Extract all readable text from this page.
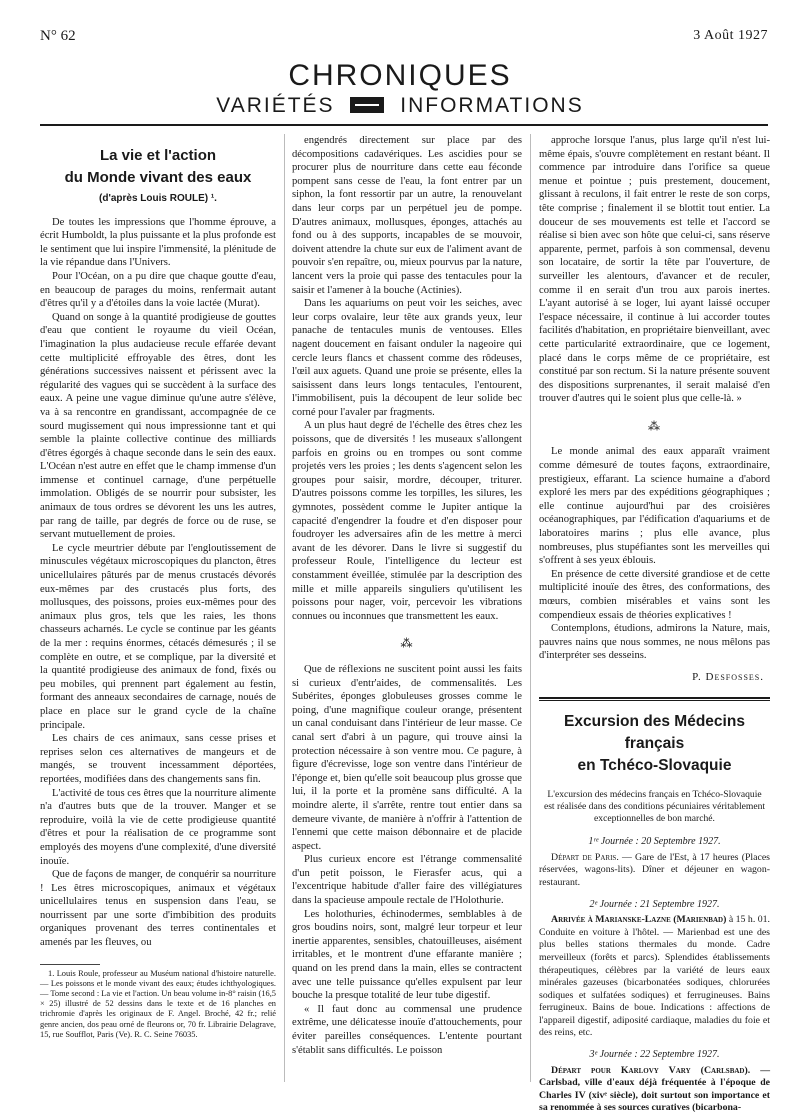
N° 62	3 Août 1927
CHRONIQUES
VARIÉTÉS	INFORMATIONS
La vie et l'action
du Monde vivant des eaux
(d'après Louis ROULE) ¹.

De toutes les impressions que l'homme éprouve, a écrit Humboldt, la plus puissante et la plus profonde est le sentiment que lui inspire l'immensité, la plénitude de la vie répandue dans l'Univers.

Pour l'Océan, on a pu dire que chaque goutte d'eau, en beaucoup de parages du moins, renfermait autant d'êtres qu'il y a d'étoiles dans la voie lactée (Murat).

Quand on songe à la quantité prodigieuse de gouttes d'eau que contient le royaume du vieil Océan, l'imagination la plus audacieuse recule effarée devant cette multiplicité effroyable des êtres, dont les générations successives naissent et périssent avec la régularité des vagues qui se succèdent à la surface des eaux. A peine une vague diminue qu'une autre s'élève, va à sa rencontre en grandissant, accompagnée de ce sourd mugissement qui nous impressionne tant et qui semble la plainte collective continue des milliards d'êtres égorgés à chaque seconde dans le sein des eaux. L'Océan n'est autre en effet que le champ immense d'un immense et continuel carnage, d'une perpétuelle immolation. Obligés de se nourrir pour subsister, les animaux de tous ordres se dévorent les uns les autres, par rang de taille, par degrés de force ou de ruse, se servant mutuellement de proies.

Le cycle meurtrier débute par l'engloutissement de minuscules végétaux microscopiques du plancton, êtres unicellulaires pâturés par de menus crustacés dévorés eux-mêmes par des crustacés plus forts, des mollusques, des poissons, proies eux-mêmes pour des animaux plus gros, tels que les raies, les thons chasseurs acharnés. Le cycle se continue par les géants de la mer : requins énormes, cétacés démesurés ; il se complète en outre, et se complique, par la diversité et la quantité prodigieuse des animaux de fond, fixés ou peu mobiles, qui prennent part également au festin, formant des anneaux secondaires de carnage, noués de place en place sur le grand cycle de la chaîne principale.

Les chairs de ces animaux, sans cesse prises et reprises selon ces alternatives de mangeurs et de mangés, se trouvent incessamment déportées, reportées, modifiées dans des changements sans fin.

L'activité de tous ces êtres que la nourriture alimente n'a d'autres buts que de la trouver. Manger et se reproduire, voilà la vie de cette prodigieuse quantité d'êtres et pour la réalisation de ce programme sont employés des moyens d'une complexité, d'une diversité inouïe.

Que de façons de manger, de conquérir sa nourriture ! Les êtres microscopiques, animaux et végétaux unicellulaires tenus en suspension dans l'eau, se nourrissent par une sorte d'imbibition des produits organiques provenant des terres continentales et amenés par les fleuves, ou

1. Louis Roule, professeur au Muséum national d'histoire naturelle. — Les poissons et le monde vivant des eaux; études ichthyologiques. — Tome second : La vie et l'action. Un beau volume in-8° raisin (16,5 × 25) illustré de 52 dessins dans le texte et de 16 planches en trichromie d'après les originaux de F. Angel. Broché, 42 fr.; relié genre ancien, dos peau orné de fleurons or, 70 fr. Librairie Delagrave, 15, rue Soufflot, Paris (Ve). R. C. Seine 76035.

engendrés directement sur place par des décompositions cadavériques. Les ascidies pour se procurer plus de nourriture dans cette eau féconde pompent sans cesse de l'eau, la font entrer par un siphon, la font ressortir par un autre, la renouvelant dans leur corps par un perpétuel jeu de pompe. D'autres animaux, mollusques, éponges, attachés au fond ou à des supports, incapables de se mouvoir, doivent attendre la chute sur eux de l'aliment avant de pouvoir s'en repaître, ou, mieux pourvus par la nature, lancent vers la proie qui passe des tentacules pour la saisir et l'amener à la bouche (Actinies).

Dans les aquariums on peut voir les seiches, avec leur corps ovalaire, leur tête aux grands yeux, leur panache de tentacules munis de ventouses. Elles nagent doucement en faisant onduler la nageoire qui cercle leurs flancs et chassent comme des rôdeuses, l'œil aux aguets. Quand une proie se présente, elles la saisissent dans leurs longs tentacules, l'entourent, l'immobilisent, puis la découpent de leur solide bec corné pour l'avaler par fragments.

A un plus haut degré de l'échelle des êtres chez les poissons, que de diversités ! les museaux s'allongent parfois en groins ou en trompes ou sont comme projetés vers les proies ; les dents s'agencent selon les groupes pour saisir, mordre, découper, triturer. D'autres poissons comme les torpilles, les silures, les gymnotes, possèdent comme le Jupiter antique la capacité d'engendrer la foudre et d'en disposer pour foudroyer les adversaires afin de les mettre à merci avant de les dévorer. Dans le livre si suggestif du professeur Roule, l'intelligence du lecteur est constamment éveillée, stimulée par la description des mille et mille appareils singuliers qu'utilisent les poissons pour nager, voir, percevoir les vibrations connues ou inconnues que transmettent les eaux.

⁂

Que de réflexions ne suscitent point aussi les faits si curieux d'entr'aides, de commensalités. Les Subérites, éponges globuleuses grosses comme le poing, d'une magnifique couleur orange, présentent un canal conduisant dans l'intérieur de leur masse. Ce canal sert d'abri à un pagure, qui trouve ainsi la protection nécessaire à son ventre mou. Ce pagure, à figure d'écrevisse, loge son ventre dans l'intérieur de l'éponge et, bien qu'elle soit beaucoup plus grosse que lui, il la porte et la promène sans difficulté. A la moindre alerte, il s'arrête, rentre tout entier dans sa demeure vivante, de manière à n'offrir à l'attention de l'ennemi que cette maison débonnaire et de placide aspect.

Plus curieux encore est l'étrange commensalité d'un petit poisson, le Fierasfer acus, qui a l'excentrique habitude d'aller faire des villégiatures dans la spacieuse ampoule rectale de l'Holothurie.

Les holothuries, échinodermes, semblables à de gros boudins noirs, sont, malgré leur torpeur et leur inertie apparentes, sensibles, chatouilleuses, aisément irritables, et le montrent d'une effarante manière ; quand on les prend dans la main, elles se contractent avec une telle puissance qu'elles expulsent par leur bouche la presque totalité de leur tube digestif.

« Il faut donc au commensal une prudence extrême, une délicatesse inouïe d'attouchements, pour éviter pareilles conséquences. L'entente pourtant s'établit sans difficultés. Le poisson

approche lorsque l'anus, plus large qu'il n'est lui-même épais, s'ouvre complètement en restant béant. Il commence par introduire dans l'orifice sa queue menue et pointue ; puis prestement, doucement, glissant à reculons, il fait entrer le reste de son corps, tête comprise ; finalement il se blottit tout entier. La douceur de ses mouvements est telle et l'accord se réalise si bien avec son hôte que celui-ci, sans réserve apparente, permet, parfois à son commensal, devenu son locataire, de sortir la tête par l'ouverture, de surveiller les alentours, d'avancer et de reculer, comme il en serait d'un trou aux parois inertes. L'ayant autorisé à se loger, lui ayant laissé occuper l'espace nécessaire, il continue à lui accorder toutes facilités d'habitation, en propriétaire bienveillant, avec cette particularité extraordinaire, que ce logement, placé dans le corps même de ce propriétaire, est constitué par son rectum. Si la nature présente souvent des dispositions surprenantes, il serait malaisé d'en trouver d'autres qui le soient plus que celle-là. »

⁂

Le monde animal des eaux apparaît vraiment comme démesuré de toutes façons, extraordinaire, prestigieux, effarant. La science humaine a d'abord exploré les mers par des expéditions géographiques ; elle continue aujourd'hui par des croisières océanographiques, par l'édification d'aquariums et de laboratoires marins ; plus elle avance, plus nombreuses, plus stupéfiantes sont les merveilles qui s'offrent à ses yeux éblouis.

En présence de cette diversité grandiose et de cette multiplicité inouïe des êtres, des conformations, des mœurs, combien misérables et vains sont les compendieux essais de théories explicatives !

Contemplons, étudions, admirons la Nature, mais, pauvres nains que nous sommes, ne nous mêlons pas d'interpréter ses desseins.

P. Desfosses.
Excursion des Médecins français
en Tchéco-Slovaquie
L'excursion des médecins français en Tchéco-Slovaquie est réalisée dans des conditions pécuniaires véritablement exceptionnelles de bon marché.
1ʳᵉ Journée : 20 Septembre 1927.

Départ de Paris. — Gare de l'Est, à 17 heures (Places réservées, wagons-lits). Dîner et déjeuner en wagon-restaurant.

2ᵉ Journée : 21 Septembre 1927.

Arrivée à Marianske-Lazne (Marienbad) à 15 h. 01. Conduite en voiture à l'hôtel. — Marienbad est une des plus belles stations thermales du monde. Cadre merveilleux (forêts et parcs). Splendides établissements thérapeutiques, célèbres par la variété de leurs eaux minérales gazeuses (bicarbonatées sodiques, chlorurées sodiques et sulfatées sodiques) et ferrugineuses. Bains ferrugineux. Bains de boue. Indications : affections de l'appareil digestif, adiposité cardiaque, maladies du foie et des reins, etc.

3ᵉ Journée : 22 Septembre 1927.

Départ pour Karlovy Vary (Carlsbad). — Carlsbad, ville d'eaux déjà fréquentée à l'époque de Charles IV (xivᵉ siècle), doit surtout son importance et sa renommée à ses sources curatives (bicarbona-
